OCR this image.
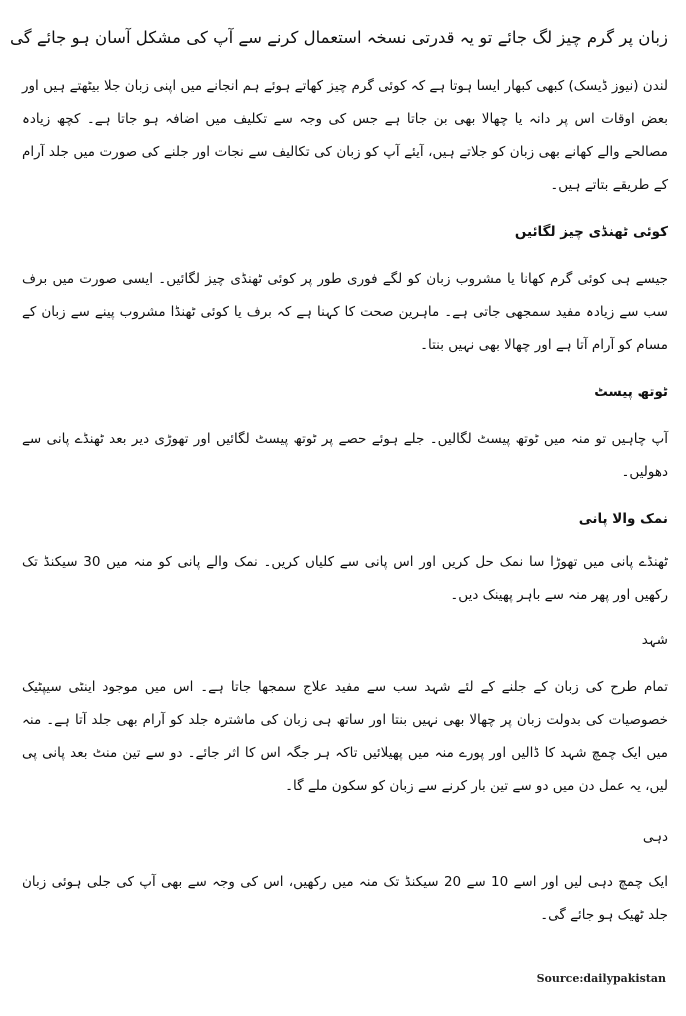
زبان پر گرم چیز لگ جائے تو یہ قدرتی نسخہ استعمال کرنے سے آپ کی مشکل آسان ہو جائے گی

لندن (نیوز ڈیسک) کبھی کبھار ایسا ہوتا ہے کہ کوئی گرم چیز کھاتے ہوئے ہم انجانے میں اپنی زبان جلا بیٹھتے ہیں اور بعض اوقات اس پر دانہ یا چھالا بھی بن جاتا ہے جس کی وجہ سے تکلیف میں اضافہ ہو جاتا ہے۔ کچھ زیادہ مصالحے والے کھانے بھی زبان کو جلاتے ہیں، آیئے آپ کو زبان کی تکالیف سے نجات اور جلنے کی صورت میں جلد آرام کے طریقے بتاتے ہیں۔

کوئی ٹھنڈی چیز لگائیں

جیسے ہی کوئی گرم کھانا یا مشروب زبان کو لگے فوری طور پر کوئی ٹھنڈی چیز لگائیں۔ ایسی صورت میں برف سب سے زیادہ مفید سمجھی جاتی ہے۔ ماہرین صحت کا کہنا ہے کہ برف یا کوئی ٹھنڈا مشروب پینے سے زبان کے مسام کو آرام آتا ہے اور چھالا بھی نہیں بنتا۔

ٹوتھ پیسٹ

آپ چاہیں تو منہ میں ٹوتھ پیسٹ لگالیں۔ جلے ہوئے حصے پر ٹوتھ پیسٹ لگائیں اور تھوڑی دیر بعد ٹھنڈے پانی سے دھولیں۔

نمک والا پانی

ٹھنڈے پانی میں تھوڑا سا نمک حل کریں اور اس پانی سے کلیاں کریں۔ نمک والے پانی کو منہ میں 30 سیکنڈ تک رکھیں اور پھر منہ سے باہر پھینک دیں۔

شہد

تمام طرح کی زبان کے جلنے کے لئے شہد سب سے مفید علاج سمجھا جاتا ہے۔ اس میں موجود اینٹی سیپٹیک خصوصیات کی بدولت زبان پر چھالا بھی نہیں بنتا اور ساتھ ہی زبان کی ماشترہ جلد کو آرام بھی جلد آتا ہے۔ منہ میں ایک چمچ شہد کا ڈالیں اور پورے منہ میں پھیلائیں تاکہ ہر جگہ اس کا اثر جائے۔ دو سے تین منٹ بعد پانی پی لیں، یہ عمل دن میں دو سے تین بار کرنے سے زبان کو سکون ملے گا۔

دہی

ایک چمچ دہی لیں اور اسے 10 سے 20 سیکنڈ تک منہ میں رکھیں، اس کی وجہ سے بھی آپ کی جلی ہوئی زبان جلد ٹھیک ہو جائے گی۔

Source:dailypakistan
